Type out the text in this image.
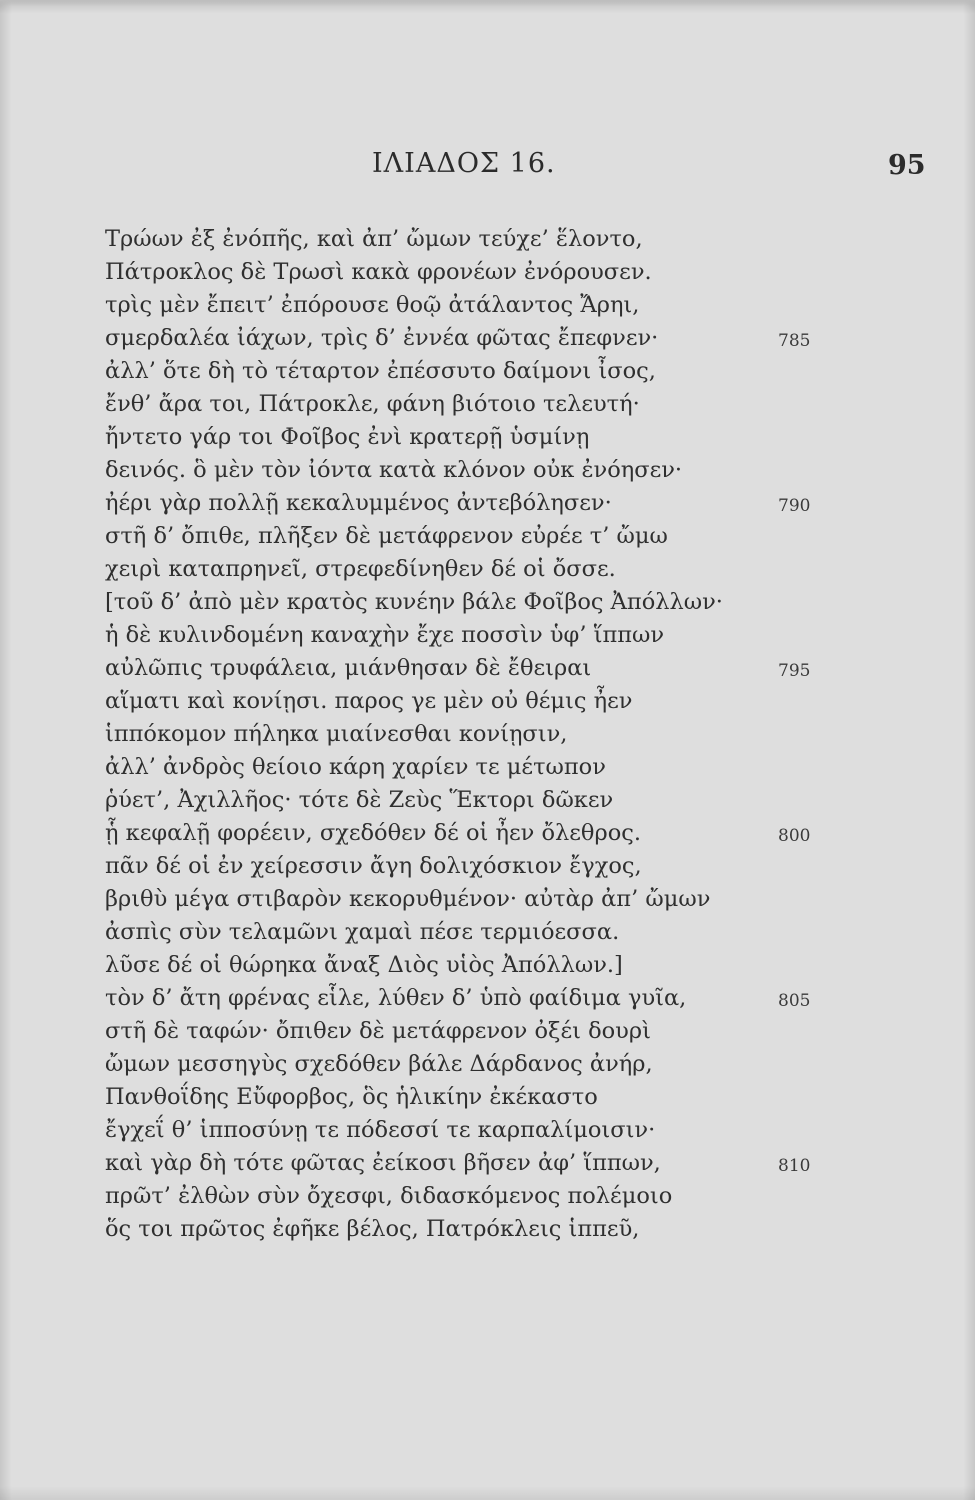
ΙΛΙΑΔΟΣ 16.	95
Τρώων ἐξ ἐνόπῆς, καὶ ἀπ’ ὤμων τεύχε’ ἕλοντο,
Πάτροκλος δὲ Τρωσὶ κακὰ φρονέων ἐνόρουσεν.
τρὶς μὲν ἔπειτ’ ἐπόρουσε θοῷ ἀτάλαντος Ἄρηι,
σμερδαλέα ἰάχων, τρὶς δ’ ἐννέα φῶτας ἔπεφνεν·
ἀλλ’ ὅτε δὴ τὸ τέταρτον ἐπέσσυτο δαίμονι ἶσος,
ἔνθ’ ἄρα τοι, Πάτροκλε, φάνη βιότοιο τελευτή·
ἤντετο γάρ τοι Φοῖβος ἐνὶ κρατερῇ ὑσμίνῃ
δεινός. ὃ μὲν τὸν ἰόντα κατὰ κλόνον οὐκ ἐνόησεν·
ἠέρι γὰρ πολλῇ κεκαλυμμένος ἀντεβόλησεν·
στῆ δ’ ὄπιθε, πλῆξεν δὲ μετάφρενον εὐρέε τ’ ὤμω
χειρὶ καταπρηνεῖ, στρεφεδίνηθεν δέ οἱ ὄσσε.
[τοῦ δ’ ἀπὸ μὲν κρατὸς κυνέην βάλε Φοῖβος Ἀπόλλων·
ἡ δὲ κυλινδομένη καναχὴν ἔχε ποσσὶν ὑφ’ ἵππων
αὐλῶπις τρυφάλεια, μιάνθησαν δὲ ἔθειραι
αἵματι καὶ κονίῃσι. παρος γε μὲν οὐ θέμις ἦεν
ἱππόκομον πήληκα μιαίνεσθαι κονίῃσιν,
ἀλλ’ ἀνδρὸς θείοιο κάρη χαρίεν τε μέτωπον
ῥύετ’, Ἀχιλλῆος· τότε δὲ Ζεὺς Ἕκτορι δῶκεν
ᾗ κεφαλῇ φορέειν, σχεδόθεν δέ οἱ ἦεν ὄλεθρος.
πᾶν δέ οἱ ἐν χείρεσσιν ἄγη δολιχόσκιον ἔγχος,
βριθὺ μέγα στιβαρὸν κεκορυθμένον· αὐτὰρ ἀπ’ ὤμων
ἀσπὶς σὺν τελαμῶνι χαμαὶ πέσε τερμιόεσσα.
λῦσε δέ οἱ θώρηκα ἄναξ Διὸς υἱὸς Ἀπόλλων.]
τὸν δ’ ἄτη φρένας εἷλε, λύθεν δ’ ὑπὸ φαίδιμα γυῖα,
στῆ δὲ ταφών· ὄπιθεν δὲ μετάφρενον ὀξέι δουρὶ
ὤμων μεσσηγὺς σχεδόθεν βάλε Δάρδανος ἀνήρ,
Πανθοΐδης Εὔφορβος, ὃς ἡλικίην ἐκέκαστο
ἔγχεΐ θ’ ἱπποσύνῃ τε πόδεσσί τε καρπαλίμοισιν·
καὶ γὰρ δὴ τότε φῶτας ἐείκοσι βῆσεν ἀφ’ ἵππων,
πρῶτ’ ἐλθὼν σὺν ὄχεσφι, διδασκόμενος πολέμοιο
ὅς τοι πρῶτος ἐφῆκε βέλος, Πατρόκλεις ἱππεῦ,
785
790
795
800
805
810
